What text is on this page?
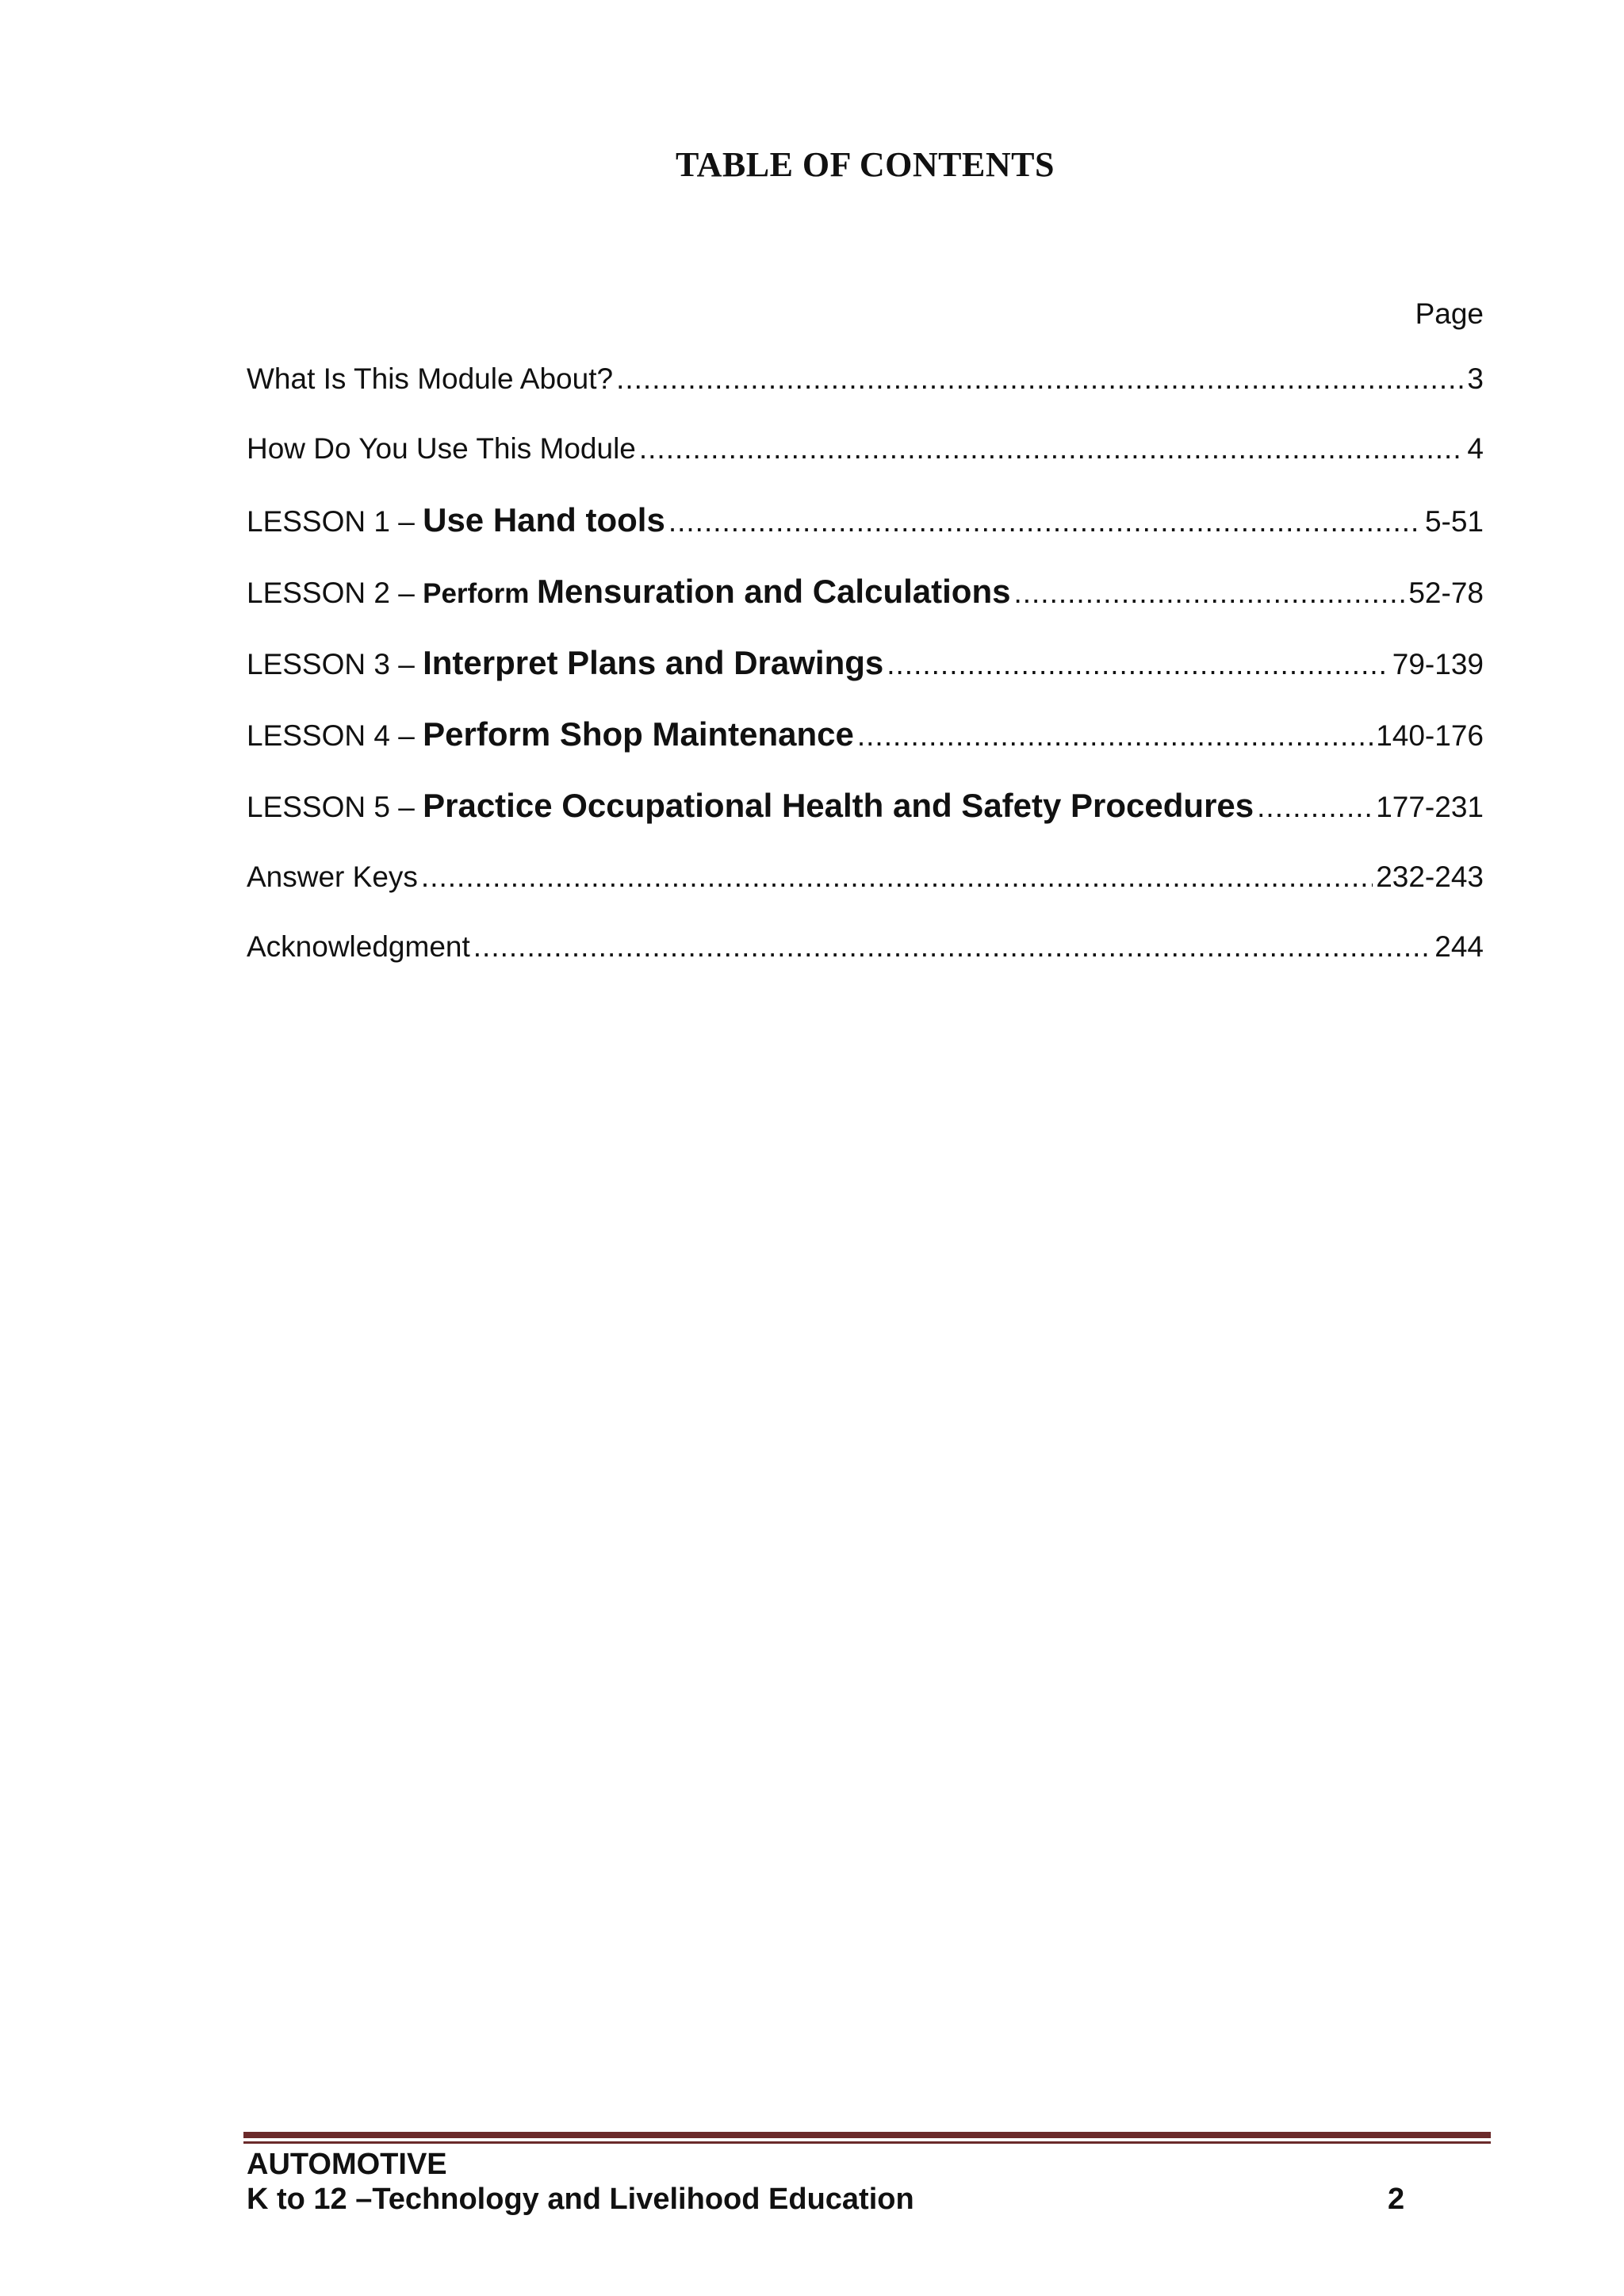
TABLE OF CONTENTS
Page
What Is This Module About? .....	3
How Do You Use This Module .....	4
LESSON 1 – Use Hand tools .....	5-51
LESSON 2 – Perform Mensuration and Calculations .....	52-78
LESSON 3 – Interpret Plans and Drawings .....	79-139
LESSON 4 – Perform Shop Maintenance .....	140-176
LESSON 5 – Practice Occupational Health and Safety Procedures .....	177-231
Answer Keys .....	232-243
Acknowledgment .....	244
AUTOMOTIVE
K to 12 –Technology and Livelihood Education	2
